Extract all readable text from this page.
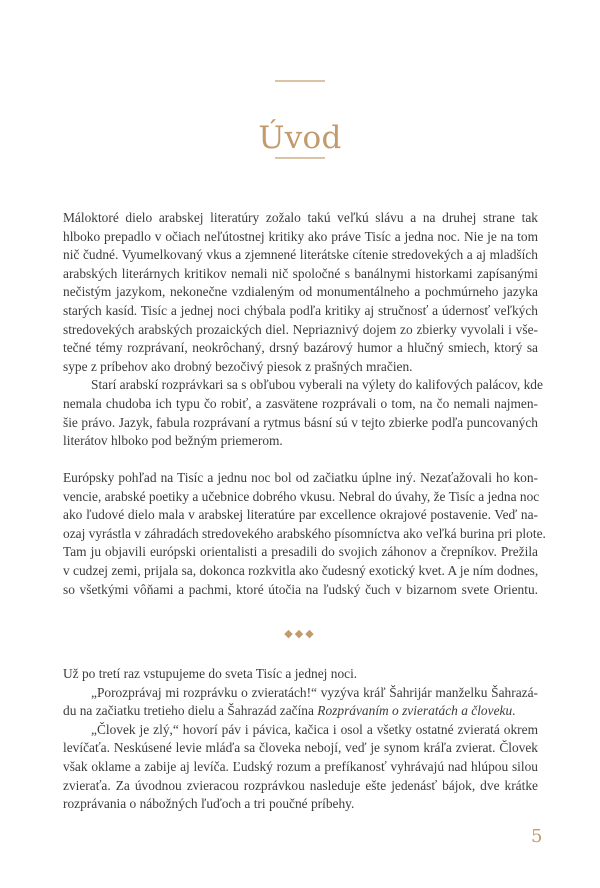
Úvod
Máloktoré dielo arabskej literatúry zožalo takú veľkú slávu a na druhej strane tak
hlboko prepadlo v očiach neľútostnej kritiky ako práve Tisíc a jedna noc. Nie je na tom
nič čudné. Vyumelkovaný vkus a zjemnené literátske cítenie stredovekých a aj mladších
arabských literárnych kritikov nemali nič spoločné s banálnymi historkami zapísanými
nečistým jazykom, nekonečne vzdialeným od monumentálneho a pochmúrneho jazyka
starých kasíd. Tisíc a jednej noci chýbala podľa kritiky aj stručnosť a údernosť veľkých
stredovekých arabských prozaických diel. Nepriaznivý dojem zo zbierky vyvolali i vše-
tečné témy rozprávaní, neokrôchaný, drsný bazárový humor a hlučný smiech, ktorý sa
sype z príbehov ako drobný bezočivý piesok z prašných mračien.
Starí arabskí rozprávkari sa s obľubou vyberali na výlety do kalifových palácov, kde
nemala chudoba ich typu čo robiť, a zasvätene rozprávali o tom, na čo nemali najmen-
šie právo. Jazyk, fabula rozprávaní a rytmus básní sú v tejto zbierke podľa puncovaných
literátov hlboko pod bežným priemerom.
Európsky pohľad na Tisíc a jednu noc bol od začiatku úplne iný. Nezaťažovali ho kon-
vencie, arabské poetiky a učebnice dobrého vkusu. Nebral do úvahy, že Tisíc a jedna noc
ako ľudové dielo mala v arabskej literatúre par excellence okrajové postavenie. Veď na-
ozaj vyrástla v záhradách stredovekého arabského písomníctva ako veľká burina pri plote.
Tam ju objavili európski orientalisti a presadili do svojich záhonov a črepníkov. Prežila
v cudzej zemi, prijala sa, dokonca rozkvitla ako čudesný exotický kvet. A je ním dodnes,
so všetkými vôňami a pachmi, ktoré útočia na ľudský čuch v bizarnom svete Orientu.
◆◆◆
Už po tretí raz vstupujeme do sveta Tisíc a jednej noci.
„Porozprávaj mi rozprávku o zvieratách!“ vyzýva kráľ Šahrijár manželku Šahrazá-
du na začiatku tretieho dielu a Šahrazád začína Rozprávaním o zvieratách a človeku.
„Človek je zlý,“ hovorí páv i pávica, kačica i osol a všetky ostatné zvieratá okrem
levíčaťa. Neskúsené levie mláďa sa človeka nebojí, veď je synom kráľa zvierat. Človek
však oklame a zabije aj levíča. Ľudský rozum a prefíkanosť vyhrávajú nad hlúpou silou
zvieraťa. Za úvodnou zvieracou rozprávkou nasleduje ešte jedenásť bájok, dve krátke
rozprávania o nábožných ľuďoch a tri poučné príbehy.
5
